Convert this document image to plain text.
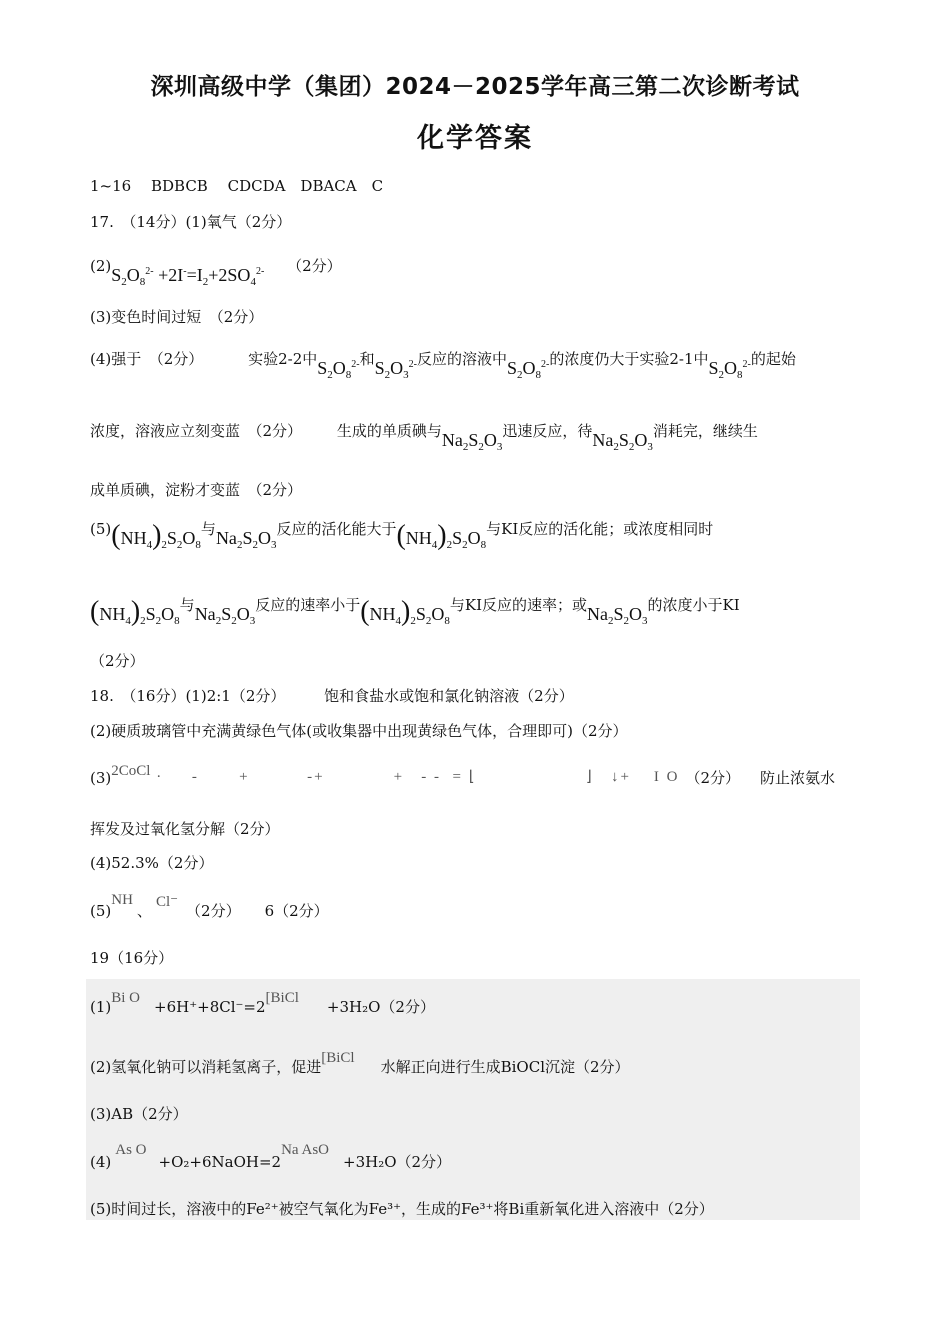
深圳高级中学（集团）2024－2025学年高三第二次诊断考试
化学答案
1~16　 BDBCB　 CDCDA　DBACA　C
17.　（14分）(1)氧气（2分）
$(2)S_2O_8^{2-} +2I^-=I_2+2SO_4^{2-}$ （2分）
(3)变色时间过短　（2分）
(4)强于　（2分）	实验2-2中$S_2O_8^{2-}$和$S_2O_3^{2-}$反应的溶液中$S_2O_8^{2-}$的浓度仍大于实验2-1中$S_2O_8^{2-}$的起始
浓度，溶液应立刻变蓝　（2分） 生成的单质碘与$Na_2S_2O_3$迅速反应，待$Na_2S_2O_3$消耗完，继续生
成单质碘，淀粉才变蓝　（2分）
$(5)(NH_4)_2S_2O_8$与$Na_2S_2O_3$反应的活化能大于$(NH_4)_2S_2O_8$与KI反应的活化能；或浓度相同时
$(NH_4)_2S_2O_8$与$Na_2S_2O_3$反应的速率小于$(NH_4)_2S_2O_8$与KI反应的速率；或$Na_2S_2O_3$的浓度小于KI
（2分）
18.　（16分）(1)2:1（2分）	饱和食盐水或饱和氯化钠溶液（2分）
(2)硬质玻璃管中充满黄绿色气体(或收集器中出现黄绿色气体，合理即可)（2分）
(3)2CoCl ·     -       +          -+            +   - -  = ⌊                   ⌋   ↓+    I O （2分） 防止浓氨水
挥发及过氧化氢分解（2分）
(4)52.3%（2分）
(5)NH、 Cl⁻ （2分） 6（2分）
19（16分）
(1)Bi O +6H⁺+8Cl⁻=2[BiCl +3H₂O（2分）
(2)氢氧化钠可以消耗氢离子，促进[BiCl 水解正向进行生成BiOCl沉淀（2分）
(3)AB（2分）
(4)As O+O₂+6NaOH=2Na AsO+3H₂O（2分）
(5)时间过长，溶液中的Fe²⁺被空气氧化为Fe³⁺，生成的Fe³⁺将Bi重新氧化进入溶液中（2分）
